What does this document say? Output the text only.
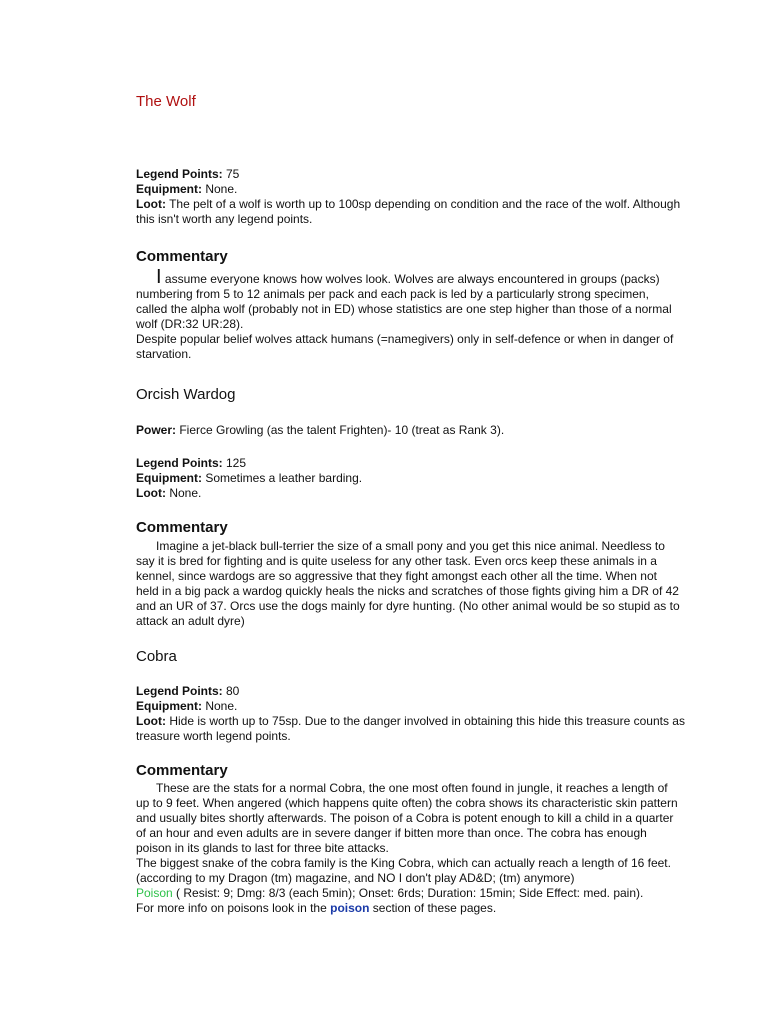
The Wolf

Legend Points: 75

Equipment: None.

Loot: The pelt of a wolf is worth up to 100sp depending on condition and the race of the wolf. Although this isn't worth any legend points.

Commentary

I assume everyone knows how wolves look. Wolves are always encountered in groups (packs) numbering from 5 to 12 animals per pack and each pack is led by a particularly strong specimen, called the alpha wolf (probably not in ED) whose statistics are one step higher than those of a normal wolf (DR:32 UR:28).

Despite popular belief wolves attack humans (=namegivers) only in self-defence or when in danger of starvation.

Orcish Wardog

Power: Fierce Growling (as the talent Frighten)- 10 (treat as Rank 3).

Legend Points: 125

Equipment: Sometimes a leather barding.

Loot: None.

Commentary

Imagine a jet-black bull-terrier the size of a small pony and you get this nice animal. Needless to say it is bred for fighting and is quite useless for any other task. Even orcs keep these animals in a kennel, since wardogs are so aggressive that they fight amongst each other all the time. When not held in a big pack a wardog quickly heals the nicks and scratches of those fights giving him a DR of 42 and an UR of 37. Orcs use the dogs mainly for dyre hunting. (No other animal would be so stupid as to attack an adult dyre)

Cobra

Legend Points: 80

Equipment: None.

Loot: Hide is worth up to 75sp. Due to the danger involved in obtaining this hide this treasure counts as treasure worth legend points.

Commentary

These are the stats for a normal Cobra, the one most often found in jungle, it reaches a length of up to 9 feet. When angered (which happens quite often) the cobra shows its characteristic skin pattern and usually bites shortly afterwards. The poison of a Cobra is potent enough to kill a child in a quarter of an hour and even adults are in severe danger if bitten more than once. The cobra has enough poison in its glands to last for three bite attacks.

The biggest snake of the cobra family is the King Cobra, which can actually reach a length of 16 feet. (according to my Dragon (tm) magazine, and NO I don't play AD&D; (tm) anymore)

Poison ( Resist: 9; Dmg: 8/3 (each 5min); Onset: 6rds; Duration: 15min; Side Effect: med. pain).

For more info on poisons look in the poison section of these pages.
